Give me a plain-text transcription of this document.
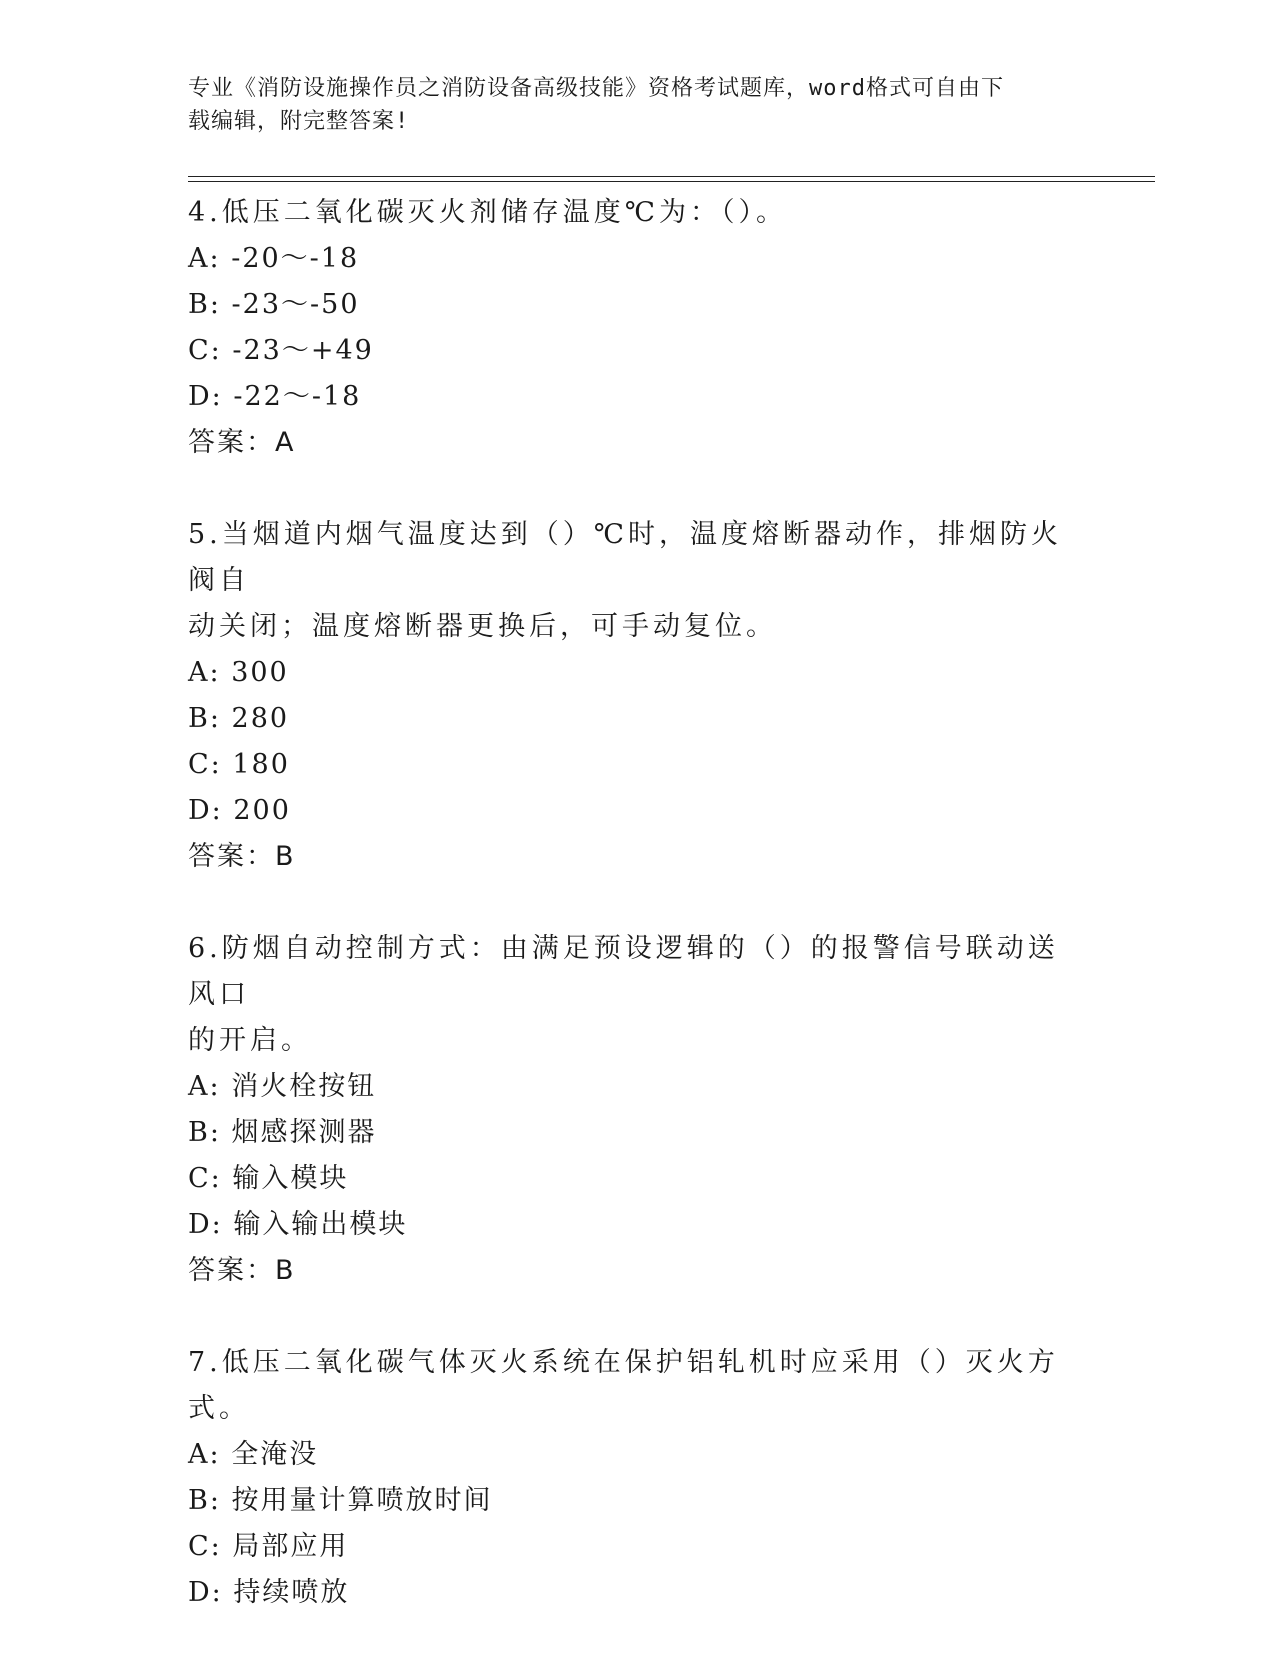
专业《消防设施操作员之消防设备高级技能》资格考试题库，word格式可自由下
载编辑，附完整答案!

4.低压二氧化碳灭火剂储存温度℃为：（）。

A: -20～-18

B: -23～-50

C: -23～+49

D: -22～-18

答案：A

5.当烟道内烟气温度达到（）℃时，温度熔断器动作，排烟防火阀自

动关闭；温度熔断器更换后，可手动复位。

A: 300

B: 280

C: 180

D: 200

答案：B

6.防烟自动控制方式：由满足预设逻辑的（）的报警信号联动送风口

的开启。

A: 消火栓按钮

B: 烟感探测器

C: 输入模块

D: 输入输出模块

答案：B

7.低压二氧化碳气体灭火系统在保护铝轧机时应采用（）灭火方式。

A: 全淹没

B: 按用量计算喷放时间

C: 局部应用

D: 持续喷放
